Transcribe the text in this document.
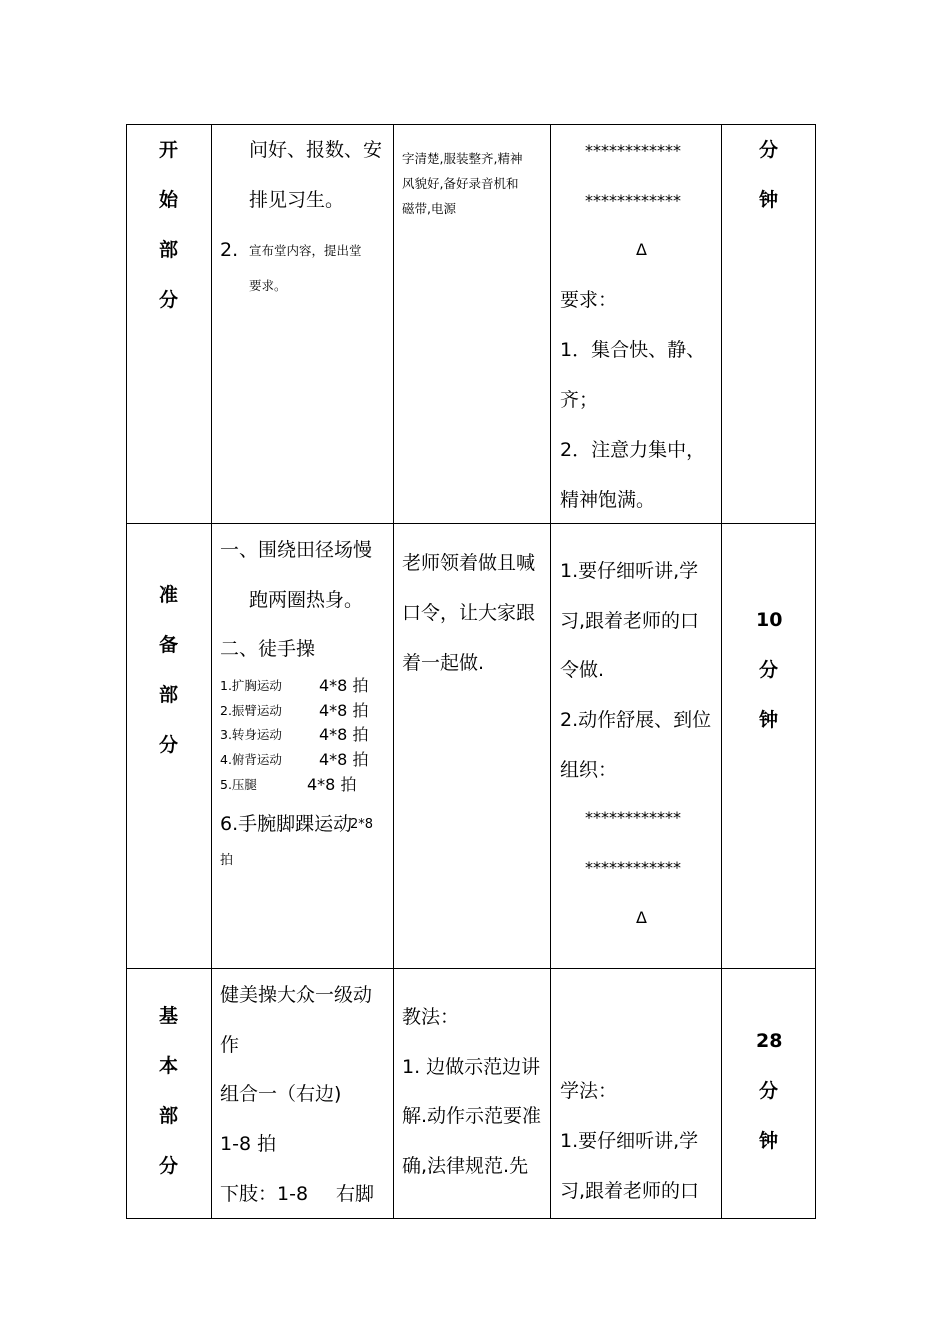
开
始
部
分
问好、报数、安
排见习生。
2. 宣布堂内容，提出堂
要求。
字清楚,服装整齐,精神
风貌好,备好录音机和
磁带,电源
************
************
Δ
要求：
1．集合快、静、
齐；
2．注意力集中，
精神饱满。
分
钟
准
备
部
分
一、围绕田径场慢
跑两圈热身。
二、徒手操
1.扩胸运动 4*8 拍
2.振臂运动 4*8 拍
3.转身运动 4*8 拍
4.俯背运动 4*8 拍
5.压腿	4*8 拍
6.手腕脚踝运动
2*8
拍
老师领着做且喊
口令，让大家跟
着一起做.
1.要仔细听讲,学
习,跟着老师的口
令做.
2.动作舒展、到位
组织：
************
************
Δ
10
分
钟
基
本
部
分
健美操大众一级动
作
组合一（右边)
1-8 拍
下肢：1-8 右脚
教法：
1. 边做示范边讲
解.动作示范要准
确,法律规范.先
学法：
1.要仔细听讲,学
习,跟着老师的口
28
分
钟
